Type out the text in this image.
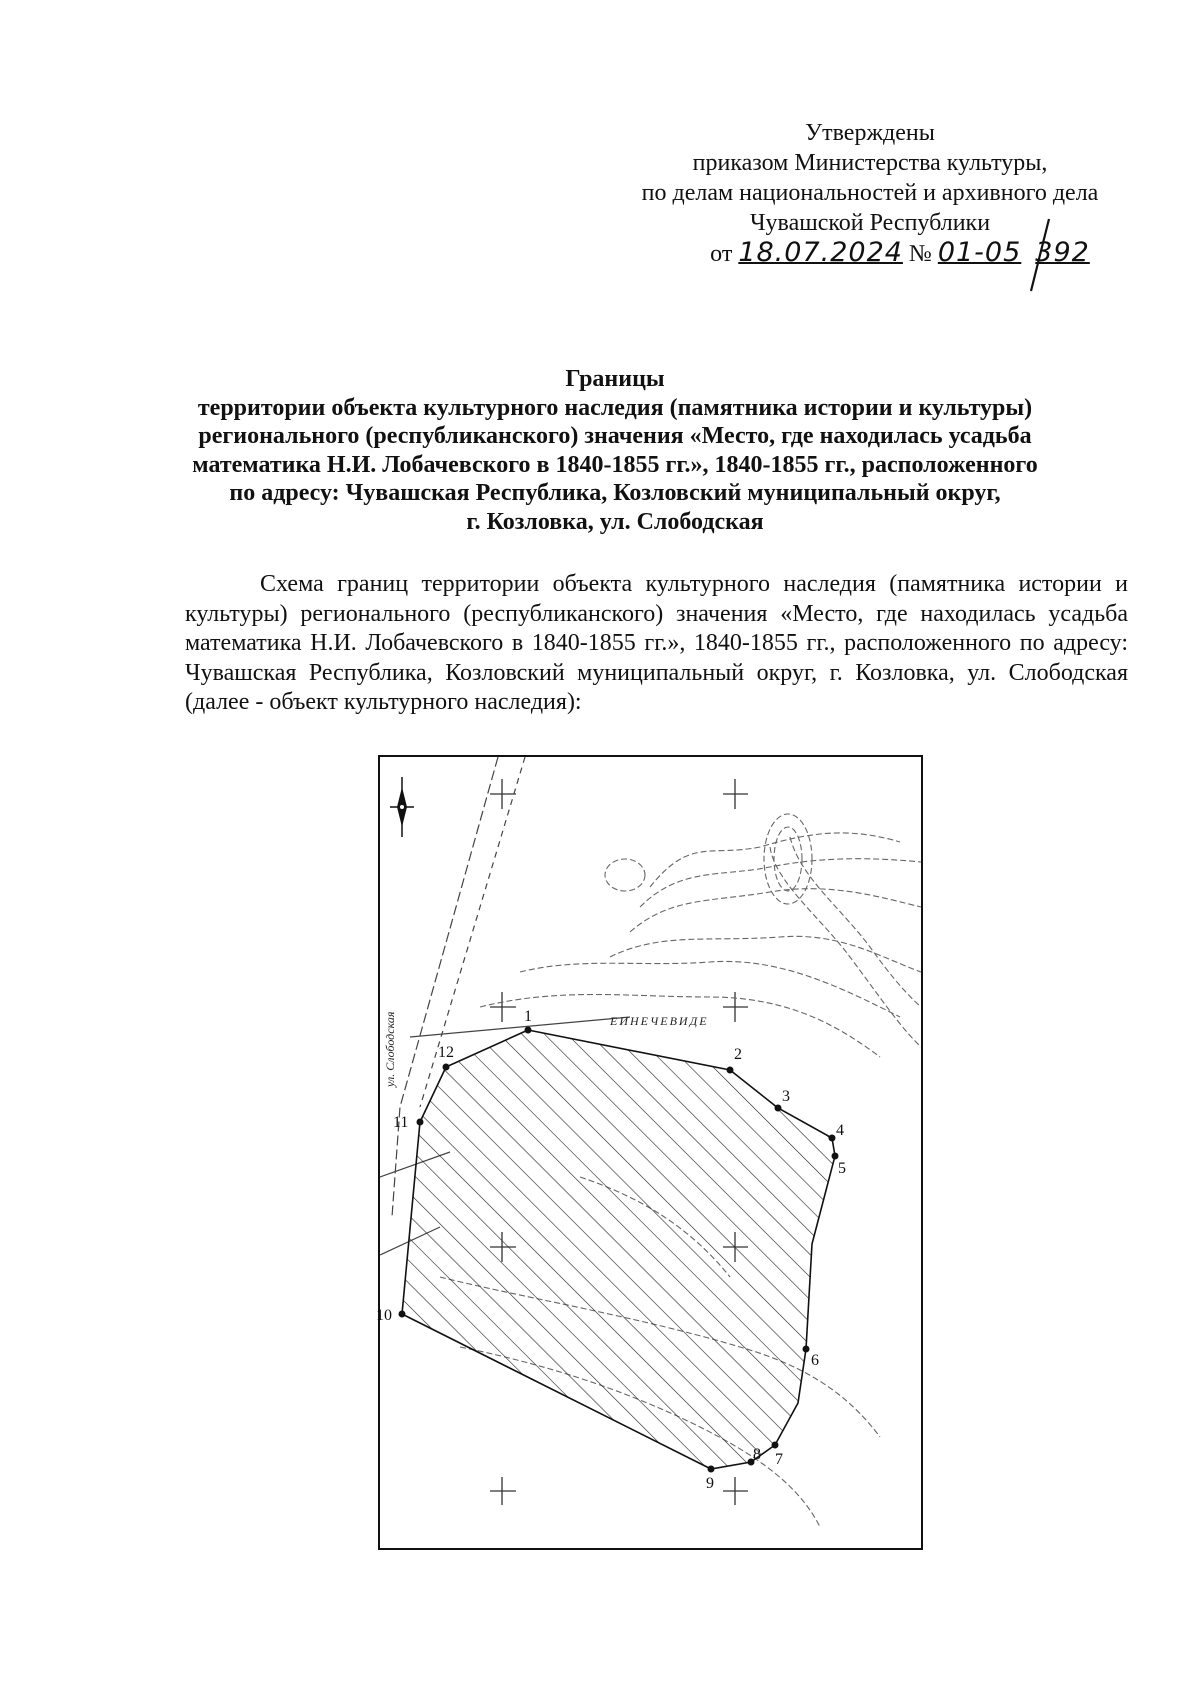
Утверждены
приказом Министерства культуры,
по делам национальностей и архивного дела
Чувашской Республики
от 18.07.2024 № 01-05 392
Границы
территории объекта культурного наследия (памятника истории и культуры)
регионального (республиканского) значения «Место, где находилась усадьба
математика Н.И. Лобачевского в 1840-1855 гг.», 1840-1855 гг., расположенного
по адресу: Чувашская Республика, Козловский муниципальный округ,
г. Козловка, ул. Слободская
Схема границ территории объекта культурного наследия (памятника истории и культуры) регионального (республиканского) значения «Место, где находилась усадьба математика Н.И. Лобачевского в 1840-1855 гг.», 1840-1855 гг., расположенного по адресу: Чувашская Республика, Козловский муниципальный округ, г. Козловка, ул. Слободская (далее - объект культурного наследия):
ЕИНЕЧЕВИДЕ
ул. Слободская	1
2
3
4
5
6
7
8
9
10
11
12
